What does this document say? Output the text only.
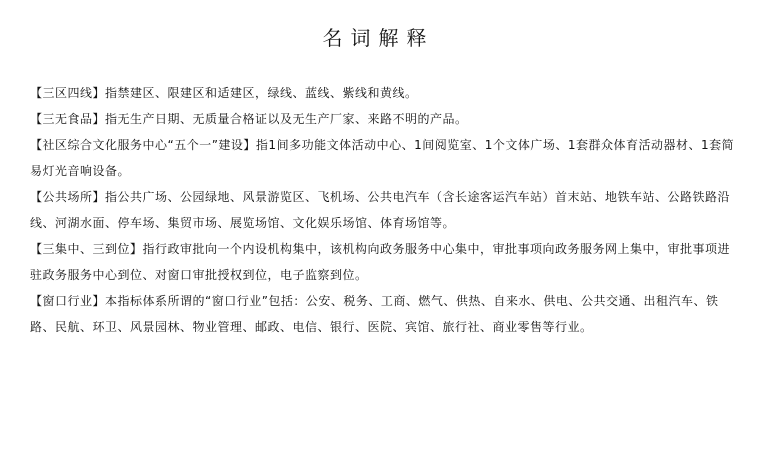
名词解释
【三区四线】指禁建区、限建区和适建区，绿线、蓝线、紫线和黄线。
【三无食品】指无生产日期、无质量合格证以及无生产厂家、来路不明的产品。
【社区综合文化服务中心“五个一”建设】指1间多功能文体活动中心、1间阅览室、1个文体广场、1套群众体育活动器材、1套简易灯光音响设备。
【公共场所】指公共广场、公园绿地、风景游览区、飞机场、公共电汽车（含长途客运汽车站）首末站、地铁车站、公路铁路沿线、河湖水面、停车场、集贸市场、展览场馆、文化娱乐场馆、体育场馆等。
【三集中、三到位】指行政审批向一个内设机构集中，该机构向政务服务中心集中，审批事项向政务服务网上集中，审批事项进驻政务服务中心到位、对窗口审批授权到位，电子监察到位。
【窗口行业】本指标体系所谓的“窗口行业”包括：公安、税务、工商、燃气、供热、自来水、供电、公共交通、出租汽车、铁路、民航、环卫、风景园林、物业管理、邮政、电信、银行、医院、宾馆、旅行社、商业零售等行业。
